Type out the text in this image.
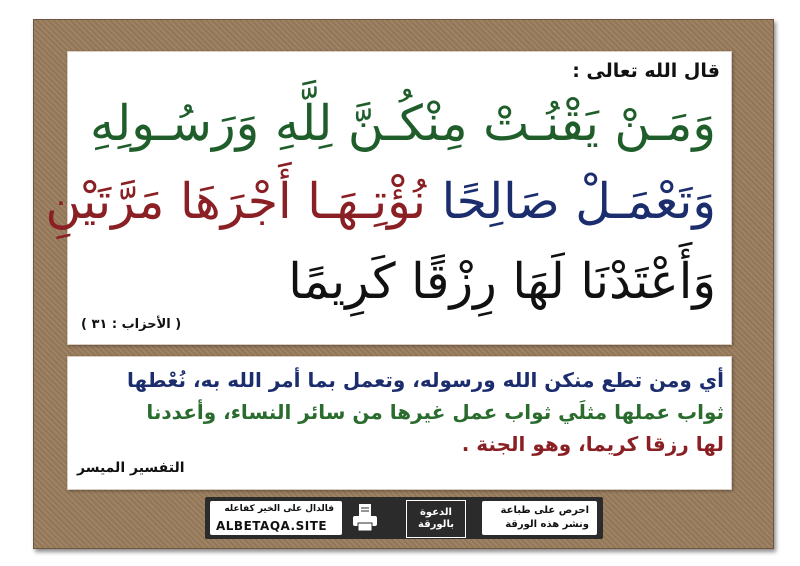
قال الله تعالى :
وَمَـنْ يَقْنُـتْ مِنْكُـنَّ لِلَّهِ وَرَسُـولِهِ
وَتَعْمَـلْ صَالِحًا نُؤْتِـهَـا أَجْرَهَا مَرَّتَيْنِ
وَأَعْتَدْنَا لَهَا رِزْقًا كَرِيمًا
( الأحزاب : ٣١ )
أي ومن تطع منكن الله ورسوله، وتعمل بما أمر الله به، نُعْطها
ثواب عملها مثلَي ثواب عمل غيرها من سائر النساء، وأعددنا
لها رزقا كريما، وهو الجنة .
التفسير الميسر
فالدال على الخير كفاعله
ALBETAQA.SITE
الدعوة
بالورقة
احرص على طباعة
ونشر هذه الورقة
